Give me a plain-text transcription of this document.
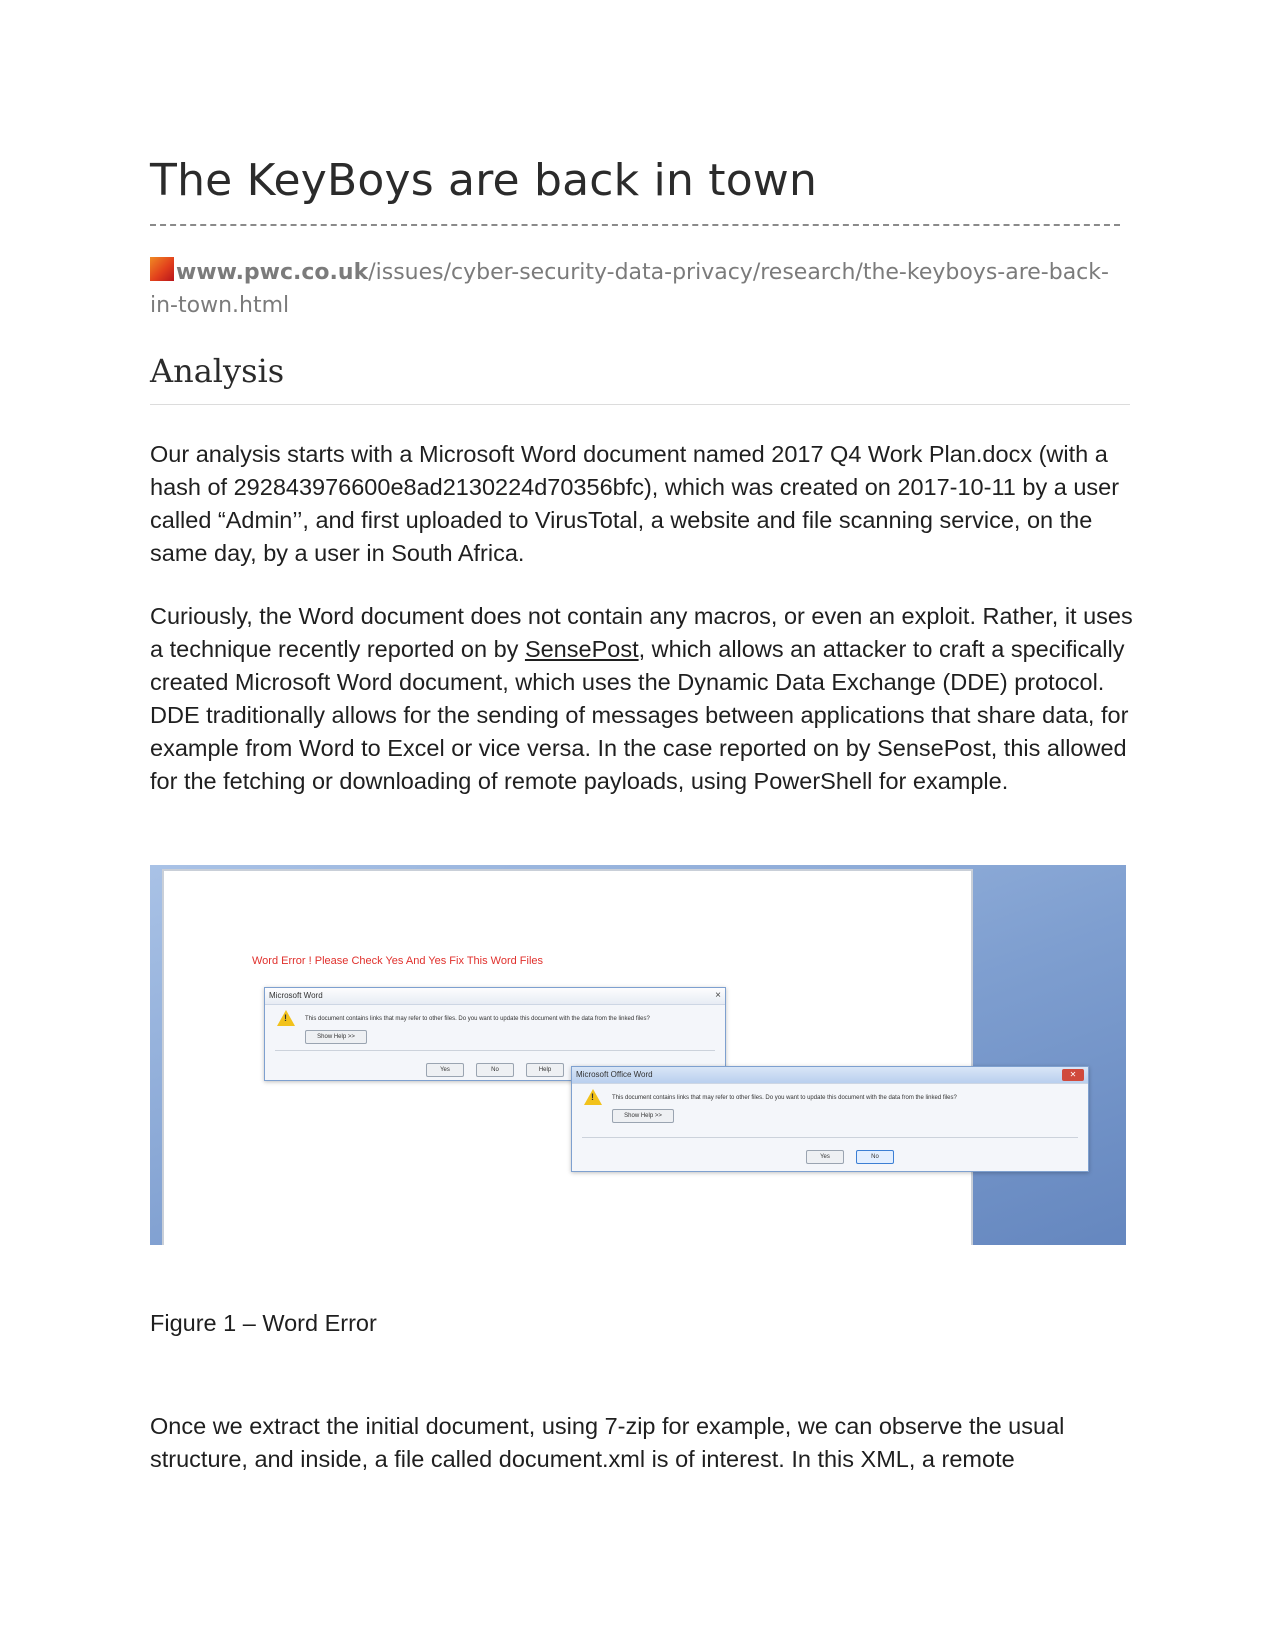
The KeyBoys are back in town
www.pwc.co.uk/issues/cyber-security-data-privacy/research/the-keyboys-are-back-in-town.html
Analysis

Our analysis starts with a Microsoft Word document named 2017 Q4 Work Plan.docx (with a hash of 292843976600e8ad2130224d70356bfc), which was created on 2017-10-11 by a user called “Admin’’, and first uploaded to VirusTotal, a website and file scanning service, on the same day, by a user in South Africa.

Curiously, the Word document does not contain any macros, or even an exploit. Rather, it uses a technique recently reported on by SensePost, which allows an attacker to craft a specifically created Microsoft Word document, which uses the Dynamic Data Exchange (DDE) protocol. DDE traditionally allows for the sending of messages between applications that share data, for example from Word to Excel or vice versa. In the case reported on by SensePost, this allowed for the fetching or downloading of remote payloads, using PowerShell for example.

Word Error ! Please Check Yes And Yes Fix This Word Files
Microsoft Word	×
!
This document contains links that may refer to other files. Do you want to update this document with the data from the linked files?
Show Help >>
Yes	No	Help	Microsoft Office Word	✕
!
This document contains links that may refer to other files. Do you want to update this document with the data from the linked files?
Show Help >>
Yes	No

Figure 1 – Word Error

Once we extract the initial document, using 7-zip for example, we can observe the usual structure, and inside, a file called document.xml is of interest. In this XML, a remote
